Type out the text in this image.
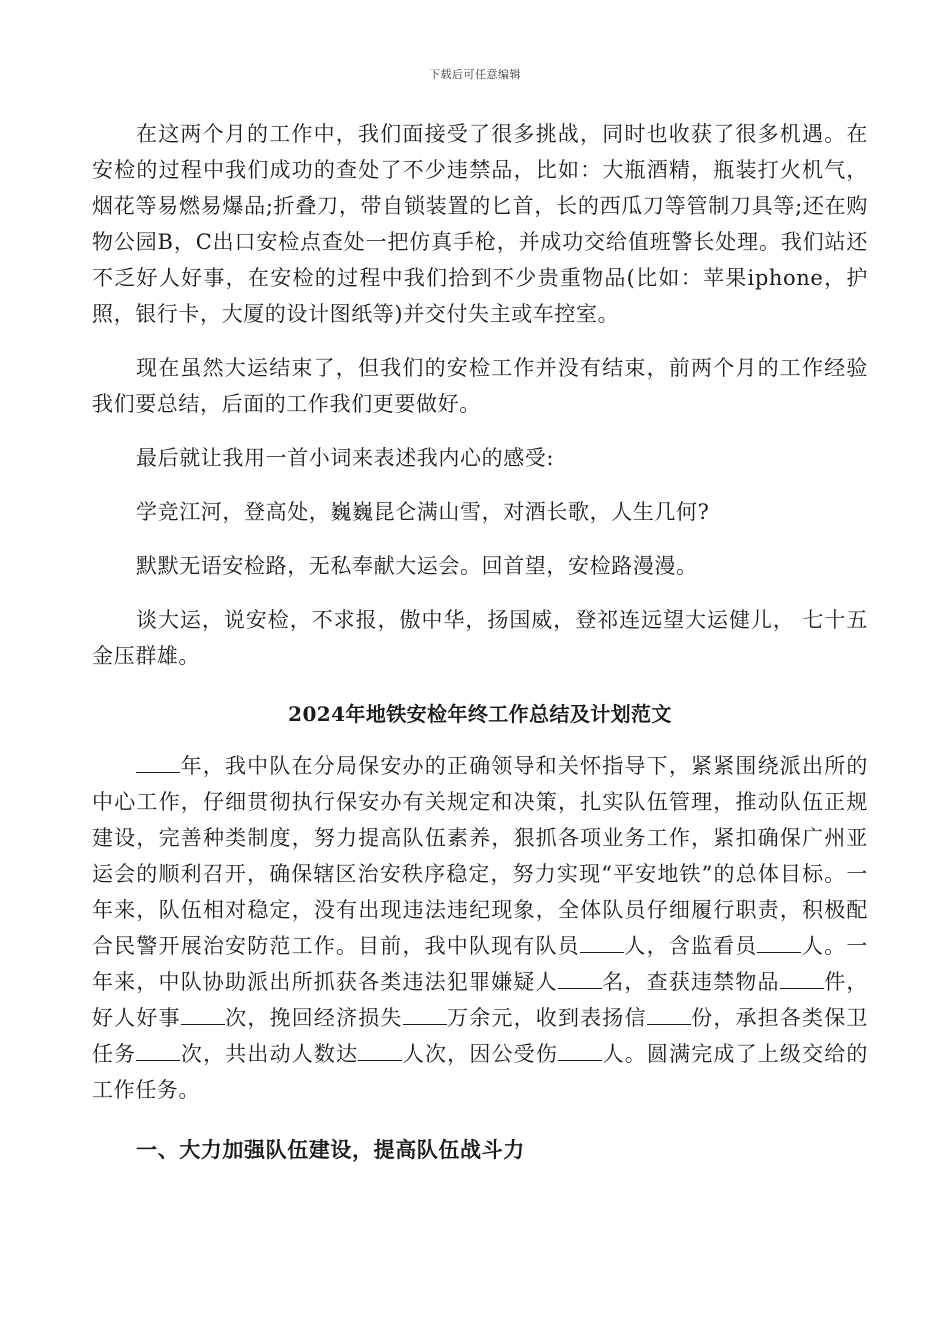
下载后可任意编辑

在这两个月的工作中，我们面接受了很多挑战，同时也收获了很多机遇。在安检的过程中我们成功的查处了不少违禁品，比如：大瓶酒精，瓶装打火机气，烟花等易燃易爆品;折叠刀，带自锁装置的匕首，长的西瓜刀等管制刀具等;还在购物公园B，C出口安检点查处一把仿真手枪，并成功交给值班警长处理。我们站还不乏好人好事，在安检的过程中我们拾到不少贵重物品(比如：苹果iphone，护照，银行卡，大厦的设计图纸等)并交付失主或车控室。

现在虽然大运结束了，但我们的安检工作并没有结束，前两个月的工作经验我们要总结，后面的工作我们更要做好。

最后就让我用一首小词来表述我内心的感受:

学竞江河，登高处，巍巍昆仑满山雪，对酒长歌，人生几何?

默默无语安检路，无私奉献大运会。回首望，安检路漫漫。

谈大运，说安检，不求报，傲中华，扬国威，登祁连远望大运健儿， 七十五金压群雄。

2024年地铁安检年终工作总结及计划范文

年，我中队在分局保安办的正确领导和关怀指导下，紧紧围绕派出所的中心工作，仔细贯彻执行保安办有关规定和决策，扎实队伍管理，推动队伍正规建设，完善种类制度，努力提高队伍素养，狠抓各项业务工作，紧扣确保广州亚运会的顺利召开，确保辖区治安秩序稳定，努力实现“平安地铁”的总体目标。一年来，队伍相对稳定，没有出现违法违纪现象，全体队员仔细履行职责，积极配合民警开展治安防范工作。目前，我中队现有队员 人，含监看员 人。一年来，中队协助派出所抓获各类违法犯罪嫌疑人 名，查获违禁物品 件，好人好事 次，挽回经济损失 万余元，收到表扬信 份，承担各类保卫任务 次，共出动人数达 人次，因公受伤 人。圆满完成了上级交给的工作任务。

一、大力加强队伍建设，提高队伍战斗力
